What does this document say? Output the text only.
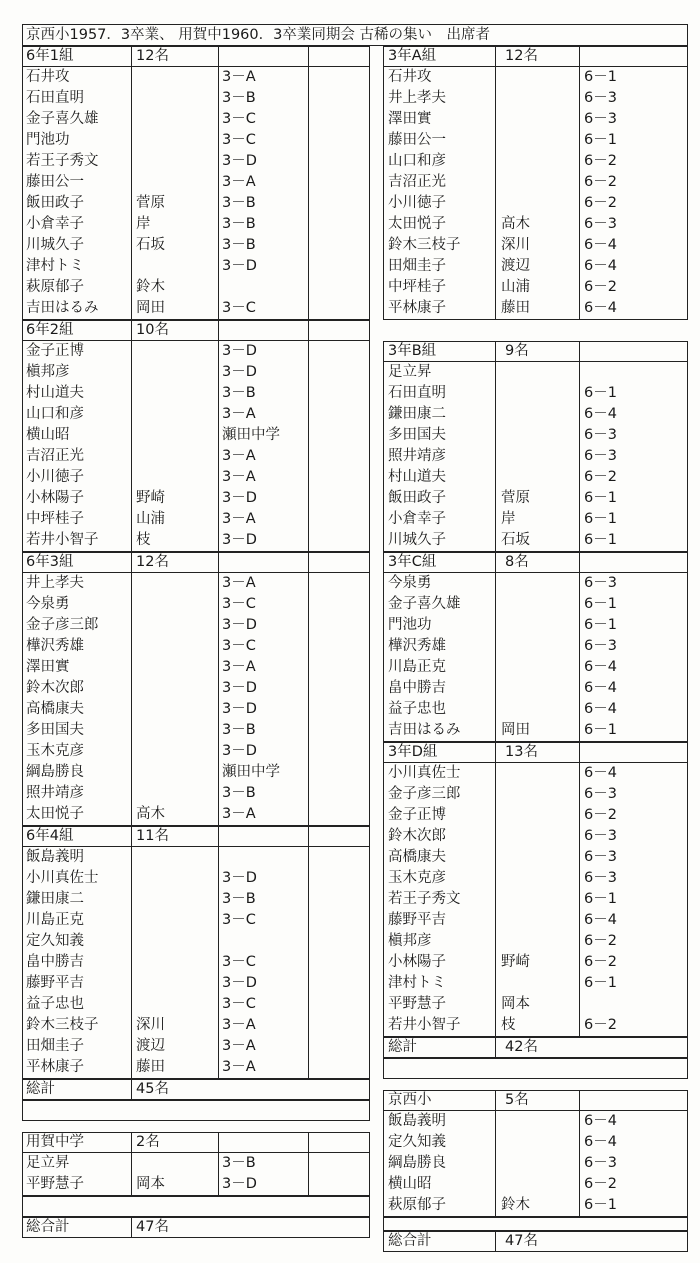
京西小1957．3卒業、 用賀中1960．3卒業同期会 古稀の集い　出席者
6年1組	12名
石井攻	3－A
石田直明	3－B
金子喜久雄	3－C
門池功	3－C
若王子秀文	3－D
藤田公一	3－A
飯田政子	菅原	3－B
小倉幸子	岸	3－B
川城久子	石坂	3－B
津村トミ	3－D
萩原郁子	鈴木
吉田はるみ	岡田	3－C
6年2組	10名
金子正博	3－D
槇邦彦	3－D
村山道夫	3－B
山口和彦	3－A
横山昭	瀬田中学
吉沼正光	3－A
小川徳子	3－A
小林陽子	野崎	3－D
中坪桂子	山浦	3－A
若井小智子	枝	3－D
6年3組	12名
井上孝夫	3－A
今泉勇	3－C
金子彦三郎	3－D
樺沢秀雄	3－C
澤田實	3－A
鈴木次郎	3－D
高橋康夫	3－D
多田国夫	3－B
玉木克彦	3－D
綱島勝良	瀬田中学
照井靖彦	3－B
太田悦子	高木	3－A
6年4組	11名
飯島義明
小川真佐士	3－D
鎌田康二	3－B
川島正克	3－C
定久知義
畠中勝吉	3－C
藤野平吉	3－D
益子忠也	3－C
鈴木三枝子	深川	3－A
田畑圭子	渡辺	3－A
平林康子	藤田	3－A
総計	45名
用賀中学	2名
足立昇	3－B
平野慧子	岡本	3－D
総合計	47名
3年A組	12名
石井攻	6－1
井上孝夫	6－3
澤田實	6－3
藤田公一	6－1
山口和彦	6－2
吉沼正光	6－2
小川徳子	6－2
太田悦子	高木	6－3
鈴木三枝子	深川	6－4
田畑圭子	渡辺	6－4
中坪桂子	山浦	6－2
平林康子	藤田	6－4
3年B組	9名
足立昇
石田直明	6－1
鎌田康二	6－4
多田国夫	6－3
照井靖彦	6－3
村山道夫	6－2
飯田政子	菅原	6－1
小倉幸子	岸	6－1
川城久子	石坂	6－1
3年C組	8名
今泉勇	6－3
金子喜久雄	6－1
門池功	6－1
樺沢秀雄	6－3
川島正克	6－4
畠中勝吉	6－4
益子忠也	6－4
吉田はるみ	岡田	6－1
3年D組	13名
小川真佐士	6－4
金子彦三郎	6－3
金子正博	6－2
鈴木次郎	6－3
高橋康夫	6－3
玉木克彦	6－3
若王子秀文	6－1
藤野平吉	6－4
槇邦彦	6－2
小林陽子	野崎	6－2
津村トミ	6－1
平野慧子	岡本
若井小智子	枝	6－2
総計	42名
京西小	5名
飯島義明	6－4
定久知義	6－4
綱島勝良	6－3
横山昭	6－2
萩原郁子	鈴木	6－1
総合計	47名
